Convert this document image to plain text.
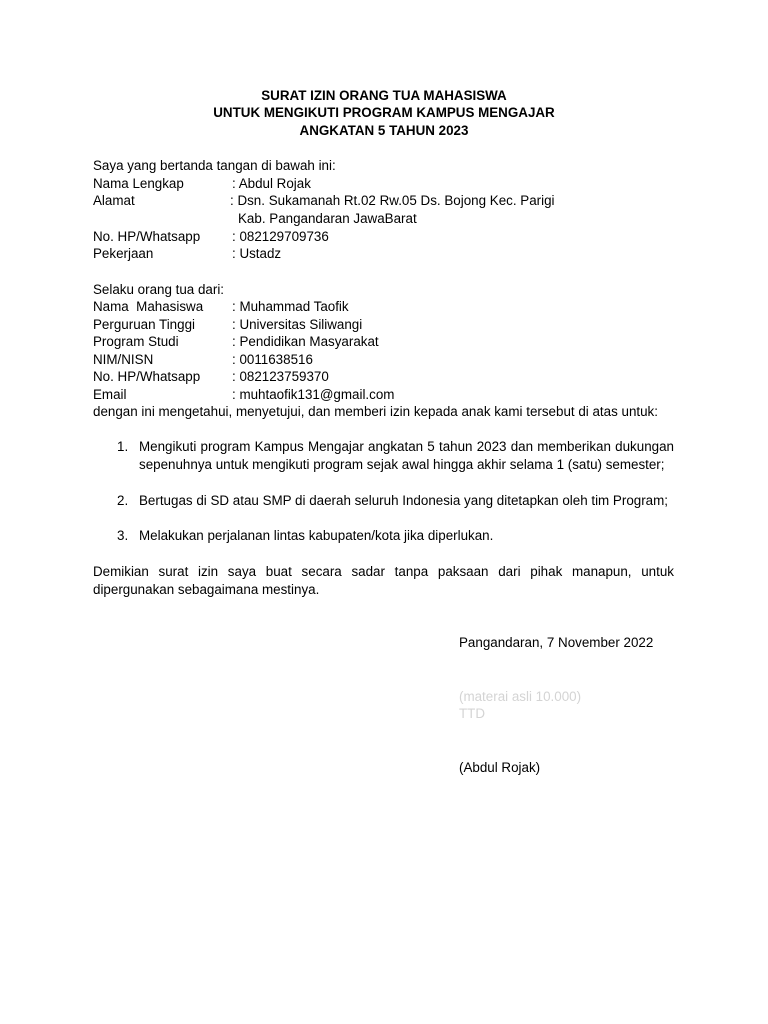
SURAT IZIN ORANG TUA MAHASISWA
UNTUK MENGIKUTI PROGRAM KAMPUS MENGAJAR
ANGKATAN 5 TAHUN 2023
Saya yang bertanda tangan di bawah ini:
Nama Lengkap	: Abdul Rojak
Alamat	: Dsn. Sukamanah Rt.02 Rw.05 Ds. Bojong Kec. Parigi
Kab. Pangandaran JawaBarat
No. HP/Whatsapp : 082129709736
Pekerjaan	: Ustadz
Selaku orang tua dari:
Nama  Mahasiswa : Muhammad Taofik
Perguruan Tinggi	: Universitas Siliwangi
Program Studi	: Pendidikan Masyarakat
NIM/NISN	: 0011638516
No. HP/Whatsapp : 082123759370
Email	: muhtaofik131@gmail.com
dengan ini mengetahui, menyetujui, dan memberi izin kepada anak kami tersebut di atas untuk:
1. Mengikuti program Kampus Mengajar angkatan 5 tahun 2023 dan memberikan dukungan sepenuhnya untuk mengikuti program sejak awal hingga akhir selama 1 (satu) semester;
2. Bertugas di SD atau SMP di daerah seluruh Indonesia yang ditetapkan oleh tim Program;
3. Melakukan perjalanan lintas kabupaten/kota jika diperlukan.
Demikian surat izin saya buat secara sadar tanpa paksaan dari pihak manapun, untuk dipergunakan sebagaimana mestinya.
Pangandaran, 7 November 2022
(materai asli 10.000)
TTD
(Abdul Rojak)
